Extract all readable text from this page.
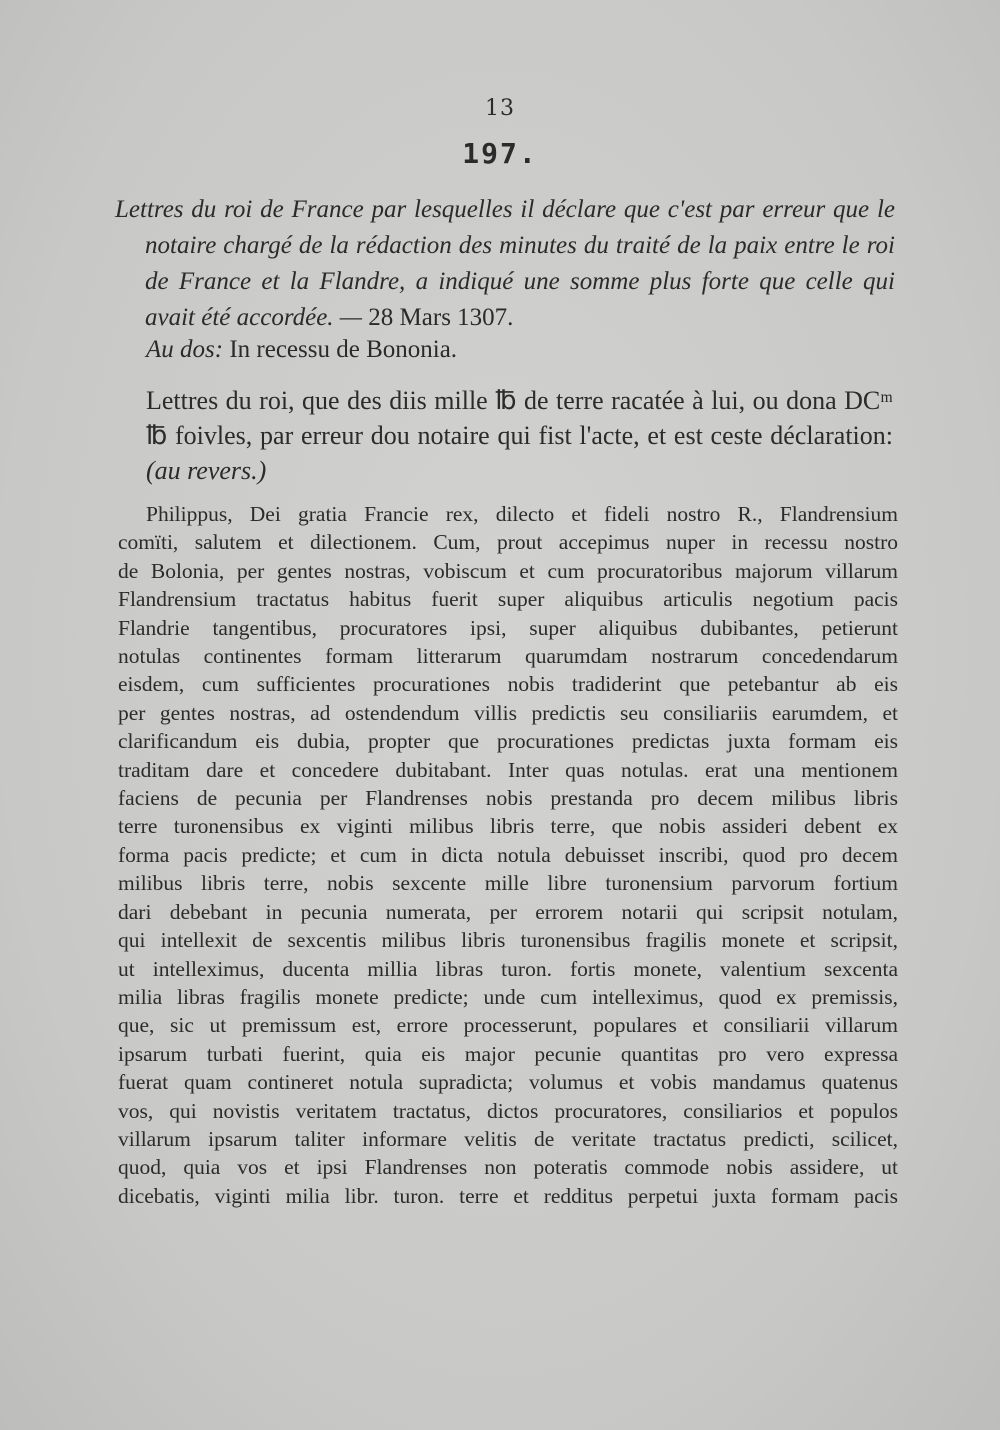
13
197.
Lettres du roi de France par lesquelles il déclare que c'est par erreur que le notaire chargé de la rédaction des minutes du traité de la paix entre le roi de France et la Flandre, a indiqué une somme plus forte que celle qui avait été accordée. — 28 Mars 1307.
Au dos: In recessu de Bononia.
Lettres du roi, que des diis mille ℔ de terre racatée à lui, ou dona DCᵐ ℔ foivles, par erreur dou notaire qui fist l'acte, et est ceste déclaration: (au revers.)
Philippus, Dei gratia Francie rex, dilecto et fideli nostro R., Flandrensium
comïti, salutem et dilectionem. Cum, prout accepimus nuper in recessu nostro
de Bolonia, per gentes nostras, vobiscum et cum procuratoribus majorum villarum
Flandrensium tractatus habitus fuerit super aliquibus articulis negotium pacis
Flandrie tangentibus, procuratores ipsi, super aliquibus dubibantes, petierunt
notulas continentes formam litterarum quarumdam nostrarum concedendarum
eisdem, cum sufficientes procurationes nobis tradiderint que petebantur ab eis
per gentes nostras, ad ostendendum villis predictis seu consiliariis earumdem, et
clarificandum eis dubia, propter que procurationes predictas juxta formam eis
traditam dare et concedere dubitabant. Inter quas notulas. erat una mentionem
faciens de pecunia per Flandrenses nobis prestanda pro decem milibus libris
terre turonensibus ex viginti milibus libris terre, que nobis assideri debent ex
forma pacis predicte; et cum in dicta notula debuisset inscribi, quod pro decem
milibus libris terre, nobis sexcente mille libre turonensium parvorum fortium
dari debebant in pecunia numerata, per errorem notarii qui scripsit notulam,
qui intellexit de sexcentis milibus libris turonensibus fragilis monete et scripsit,
ut intelleximus, ducenta millia libras turon. fortis monete, valentium sexcenta
milia libras fragilis monete predicte; unde cum intelleximus, quod ex premissis,
que, sic ut premissum est, errore processerunt, populares et consiliarii villarum
ipsarum turbati fuerint, quia eis major pecunie quantitas pro vero expressa
fuerat quam contineret notula supradicta; volumus et vobis mandamus quatenus
vos, qui novistis veritatem tractatus, dictos procuratores, consiliarios et populos
villarum ipsarum taliter informare velitis de veritate tractatus predicti, scilicet,
quod, quia vos et ipsi Flandrenses non poteratis commode nobis assidere, ut
dicebatis, viginti milia libr. turon. terre et redditus perpetui juxta formam pacis
